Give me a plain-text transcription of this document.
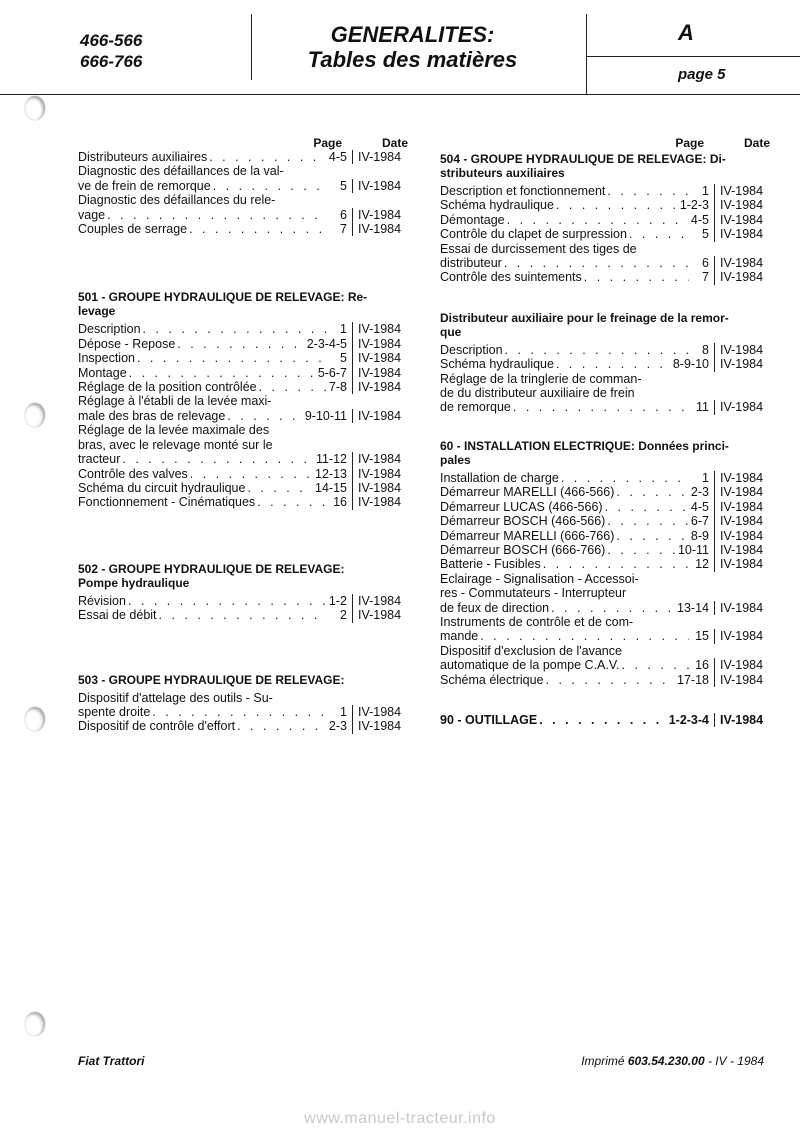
466-566
666-766
GENERALITES:
Tables des matières
A
page 5
Page	Date
Distributeurs auxiliaires . . .	4-5 IV-1984
Diagnostic des défaillances de la val-
ve de frein de remorque . . .	5 IV-1984
Diagnostic des défaillances du rele-
vage . . .	6 IV-1984
Couples de serrage . . .	7 IV-1984
501 - GROUPE HYDRAULIQUE DE RELEVAGE: Re-
levage
Description . . .	1 IV-1984
Dépose - Repose . . .	2-3-4-5 IV-1984
Inspection . . .	5 IV-1984
Montage . . .	5-6-7 IV-1984
Réglage de la position contrôlée . . .	7-8 IV-1984
Réglage à l'établi de la levée maxi-
male des bras de relevage . . .	9-10-11 IV-1984
Réglage de la levée maximale des
bras, avec le relevage monté sur le
tracteur . . .	11-12 IV-1984
Contrôle des valves . . .	12-13 IV-1984
Schéma du circuit hydraulique . . .	14-15 IV-1984
Fonctionnement - Cinématiques . . .	16 IV-1984
502 - GROUPE HYDRAULIQUE DE RELEVAGE:
Pompe hydraulique
Révision . . .	1-2 IV-1984
Essai de débit . . .	2 IV-1984
503 - GROUPE HYDRAULIQUE DE RELEVAGE:
Dispositif d'attelage des outils - Su-
spente droite . . .	1 IV-1984
Dispositif de contrôle d'effort . . .	2-3 IV-1984
Page	Date
504 - GROUPE HYDRAULIQUE DE RELEVAGE: Di-
stributeurs auxiliaires
Description et fonctionnement . . .	1 IV-1984
Schéma hydraulique . . .	1-2-3 IV-1984
Démontage . . .	4-5 IV-1984
Contrôle du clapet de surpression . . .	5 IV-1984
Essai de durcissement des tiges de
distributeur . . .	6 IV-1984
Contrôle des suintements . . .	7 IV-1984
Distributeur auxiliaire pour le freinage de la remor-
que
Description . . .	8 IV-1984
Schéma hydraulique . . .	8-9-10 IV-1984
Réglage de la tringlerie de comman-
de du distributeur auxiliaire de frein
de remorque . . .	11 IV-1984
60 - INSTALLATION ELECTRIQUE: Données princi-
pales
Installation de charge . . .	1 IV-1984
Démarreur MARELLI (466-566) . . .	2-3 IV-1984
Démarreur LUCAS (466-566) . . .	4-5 IV-1984
Démarreur BOSCH (466-566) . . .	6-7 IV-1984
Démarreur MARELLI (666-766) . . .	8-9 IV-1984
Démarreur BOSCH (666-766) . . .	10-11 IV-1984
Batterie - Fusibles . . .	12 IV-1984
Eclairage - Signalisation - Accessoi-
res - Commutateurs - Interrupteur
de feux de direction . . .	13-14 IV-1984
Instruments de contrôle et de com-
mande . . .	15 IV-1984
Dispositif d'exclusion de l'avance
automatique de la pompe C.A.V. . . .	16 IV-1984
Schéma électrique . . .	17-18 IV-1984
90 - OUTILLAGE . . .	1-2-3-4 IV-1984
Fiat Trattori	Imprimé 603.54.230.00 - IV - 1984
www.manuel-tracteur.info
